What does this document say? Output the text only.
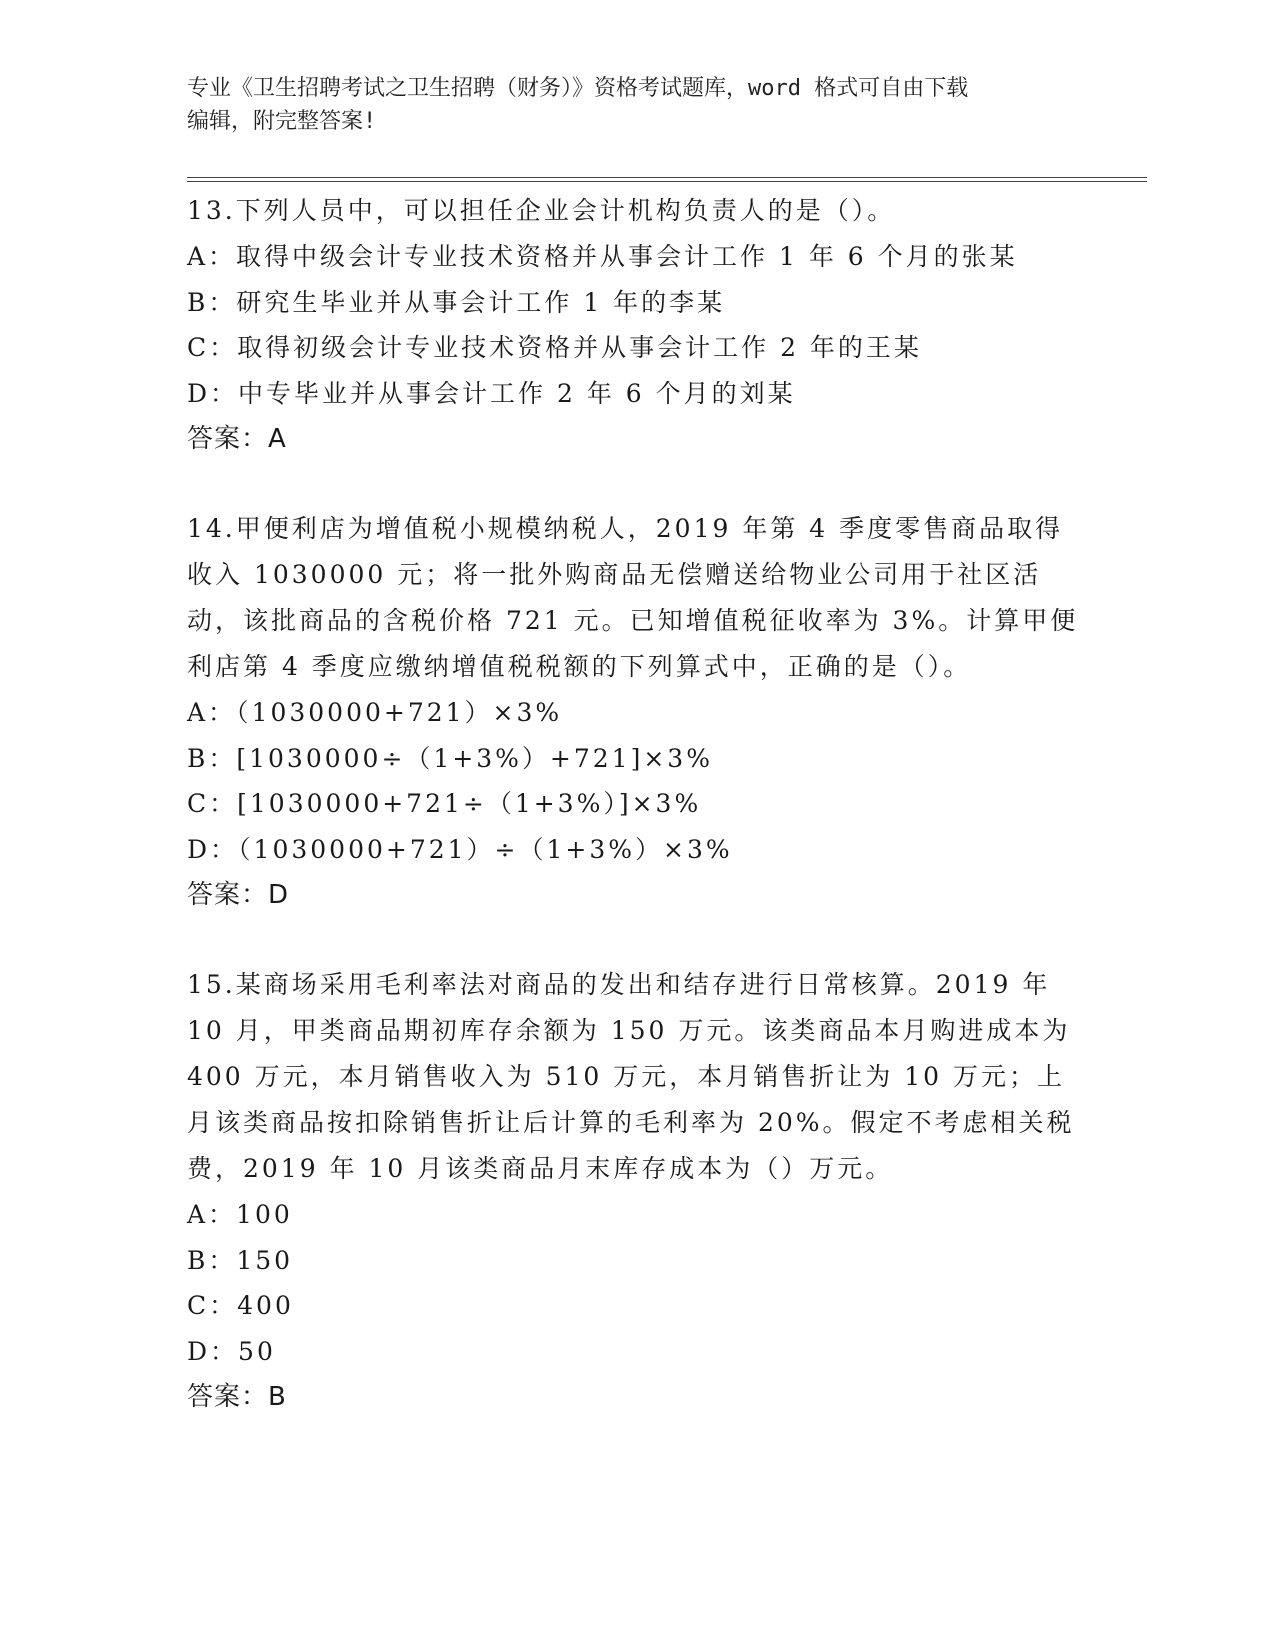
专业《卫生招聘考试之卫生招聘（财务）》资格考试题库，word 格式可自由下载
编辑，附完整答案!

13.下列人员中，可以担任企业会计机构负责人的是（）。

A：取得中级会计专业技术资格并从事会计工作 1 年 6 个月的张某

B：研究生毕业并从事会计工作 1 年的李某

C：取得初级会计专业技术资格并从事会计工作 2 年的王某

D：中专毕业并从事会计工作 2 年 6 个月的刘某

答案：A

14.甲便利店为增值税小规模纳税人，2019 年第 4 季度零售商品取得收入 1030000 元；将一批外购商品无偿赠送给物业公司用于社区活动，该批商品的含税价格 721 元。已知增值税征收率为 3%。计算甲便利店第 4 季度应缴纳增值税税额的下列算式中，正确的是（）。

A：（1030000+721）×3%

B：[1030000÷（1+3%）+721]×3%

C：[1030000+721÷（1+3%）]×3%

D：（1030000+721）÷（1+3%）×3%

答案：D

15.某商场采用毛利率法对商品的发出和结存进行日常核算。2019 年 10 月，甲类商品期初库存余额为 150 万元。该类商品本月购进成本为 400 万元，本月销售收入为 510 万元，本月销售折让为 10 万元；上月该类商品按扣除销售折让后计算的毛利率为 20%。假定不考虑相关税费，2019 年 10 月该类商品月末库存成本为（）万元。

A：100

B：150

C：400

D：50

答案：B
